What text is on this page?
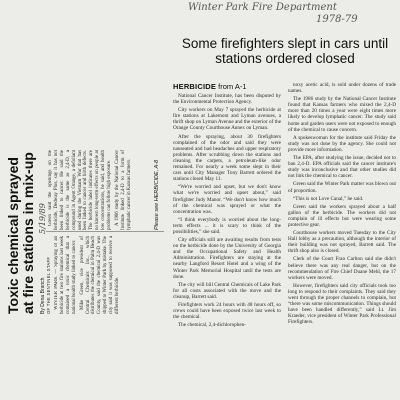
Winter Park Fire Department
1978-79
Some firefighters slept in cars until stations ordered closed
HERBICIDE from A-1

National Cancer Institute, has been disputed by the Environmental Protection Agency.

City workers on May 7 sprayed the herbicide at fire stations at Lakemont and Lyman avenues, a thrift shop on Lyman Avenue and the exterior of the Orange County Courthouse Annex on Lyman.

After the spraying, about 30 firefighters complained of the odor and said they were nauseated and had headaches and upper respiratory problems. After scrubbing down the stations and cleaning the carpets, a petroleum-like odor remained. For nearly a week some slept in their cars until City Manager Tony Barrett ordered the stations closed May 11.

“We're worried and upset, but we don't know what we're worried and upset about,” said firefighter Judy Manor. “We don't know how much of the chemical was sprayed or what the concentration was.

“I think everybody is worried about the long-term effects ... it is scary to think of the possibilities,” she said.

City officials still are awaiting results from tests on the herbicide done by the University of Georgia and the Occupational Safety and Health Administration. Firefighters are staying at the nearby Langford Resort Hotel and a wing of the Winter Park Memorial Hospital until the tests are done.

The city will bill Central Chemicals of Lake Park for all costs associated with the move and the cleanup, Barrett said.

Firefighters work 24 hours with 48 hours off, so crews could have been exposed twice last week to the chemical.

The chemical, 2,4-dichlorophen-

noxy acetic acid, is sold under dozens of trade names.

The 1986 study by the National Cancer Institute found that Kansas farmers who mixed the 2,4-D more than 20 times a year were eight times more likely to develop lymphatic cancer. The study said home and garden users were not exposed to enough of the chemical to cause concern.

A spokeswoman for the institute said Friday the study was not done by the agency. She could not provide more information.

The EPA, after studying the issue, decided not to ban 2,4-D. EPA officials said the cancer institute's study was inconclusive and that other studies did not link the chemical to cancer.

Green said the Winter Park matter was blown out of proportion.

“This is not Love Canal,” he said.

Green said the workers sprayed about a half gallon of the herbicide. The workers did not complain of ill effects but were wearing some protective gear.

Courthouse workers moved Tuesday to the City Hall lobby as a precaution, although the interior of their building was not sprayed, Barrett said. The thrift shop also is closed.

Clerk of the Court Fran Carlton said she didn't believe there was any real danger, but on the recommendation of Fire Chief Duane Mehl, the 17 workers were moved.

However, firefighters said city officials took too long to respond to their complaints. They said they went through the proper channels to complain, but “there was some miscommunication. Things should have been handled differently,” said Lt. Jim Kraeder, vice president of Winter Park Professional Firefighters.

Toxic chemical sprayed at fire stations in mix-up By Dena Branch OF THE SENTINEL STAFF
5/19/89

WINTER PARK — Spraying of an herbicide at two fire stations last week contained a toxic chemical that a national health study linked to cancer. Mike Green, vice president of Central Chemicals Inc., which distributes the chemical in Palm Beach County, said the chemical 2,4-D was shipped to Winter Park by mistake. The city said it was supposed to receive a different herbicide.

Green said the openings on the herbicide, Dedway Plus, say it has not been linked to cancer. He said the herbicide is the same as 2,4-D, a compound in Agent Orange, a defoliant used during the Vietnam War that has been linked to cancer and birth defects. The herbicide label indicates there are no known long-term effects on people at low concentrations, he said, and health problems can follow high exposure. A 1986 study by the National Cancer Institute linked 2,4-D to a form of lymphatic cancer in Kansas farmers.	Please see HERBICIDE, A-8
